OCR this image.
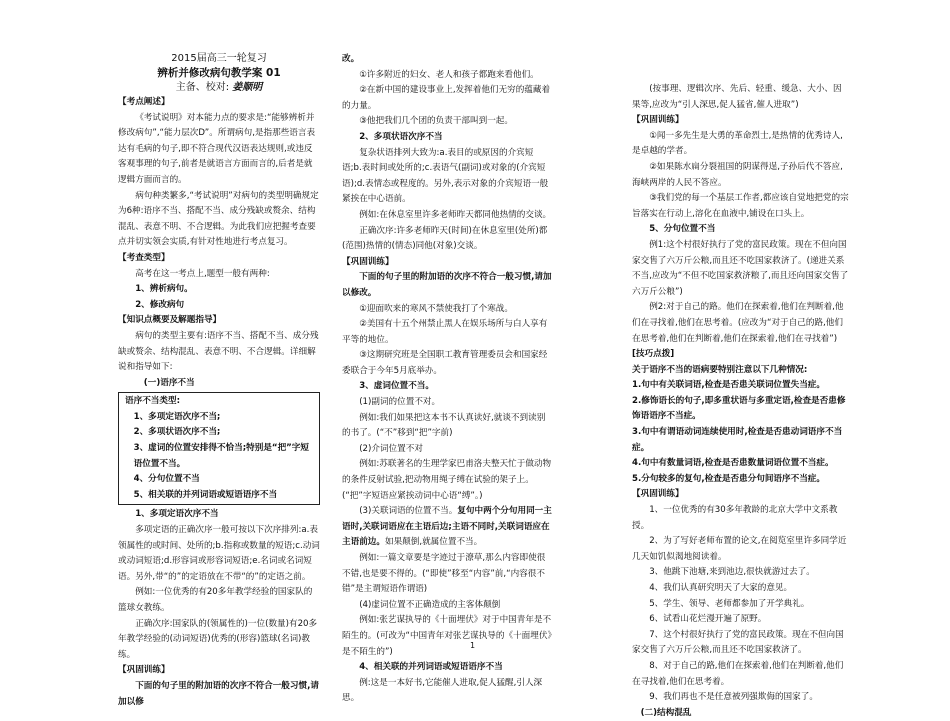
2015届高三一轮复习

辨析并修改病句教学案 01

主备、校对: 姜顺明

【考点阐述】

《考试说明》对本能力点的要求是:“能够辨析并修改病句”,“能力层次D”。所谓病句,是指那些语言表达有毛病的句子,即不符合现代汉语表达规则,或违反客观事理的句子,前者是就语言方面而言的,后者是就逻辑方面而言的。

病句种类繁多,“考试说明”对病句的类型明确规定为6种:语序不当、搭配不当、成分残缺或赘余、结构混乱、表意不明、不合逻辑。为此我们应把握考查要点并切实领会实质,有针对性地进行考点复习。

【考查类型】

高考在这一考点上,题型一般有两种:

1、辨析病句。

2、修改病句

【知识点概要及解题指导】

病句的类型主要有:语序不当、搭配不当、成分残缺或赘余、结构混乱、表意不明、不合逻辑。详细解说和指导如下:

(一)语序不当

语序不当类型:

1、多项定语次序不当;

2、多项状语次序不当;

3、虚词的位置安排得不恰当;特别是“把”字短语位置不当。

4、分句位置不当

5、相关联的并列词语或短语语序不当

1、多项定语次序不当

多项定语的正确次序一般可按以下次序排列:a.表领属性的或时间、处所的;b.指称或数量的短语;c.动词或动词短语;d.形容词或形容词短语;e.名词或名词短语。另外,带“的”的定语放在不带“的”的定语之前。

例如:一位优秀的有20多年教学经验的国家队的篮球女教练。

正确次序:国家队的(领属性的)一位(数量)有20多年教学经验的(动词短语)优秀的(形容)篮球(名词)教练。

【巩固训练】

下面的句子里的附加语的次序不符合一般习惯,请加以修

改。

①许多附近的妇女、老人和孩子都跑来看他们。

②在新中国的建设事业上,发挥着他们无穷的蕴藏着的力量。

③他把我们几个团的负责干部叫到一起。

2、多项状语次序不当

复杂状语排列大致为:a.表目的或原因的介宾短语;b.表时间或处所的;c.表语气(副词)或对象的(介宾短语);d.表情态或程度的。另外,表示对象的介宾短语一般紧挨在中心语前。

例如:在休息室里许多老师昨天都同他热情的交谈。

正确次序:许多老师昨天(时间)在休息室里(处所)都(范围)热情的(情态)同他(对象)交谈。

【巩固训练】

下面的句子里的附加语的次序不符合一般习惯,请加以修改。

①迎面吹来的寒风不禁使我打了个寒战。

②美国有十五个州禁止黑人在娱乐场所与白人享有平等的地位。

③这期研究班是全国职工教育管理委员会和国家经委联合于今年5月底举办。

3、虚词位置不当。

(1)副词的位置不对。

例如:我们如果把这本书不认真读好,就谈不到读别的书了。(“不”移到“把”字前)

(2)介词位置不对

例如:苏联著名的生理学家巴甫洛夫整天忙于做动物的条件反射试验,把动物用绳子缚在试验的架子上。(“把”字短语应紧挨动词中心语“缚”。)

(3)关联词语的位置不当。复句中两个分句用同一主语时,关联词语应在主语后边;主语不同时,关联词语应在主语前边。如果颠倒,就属位置不当。

例如:一篇文章要是字迹过于潦草,那么内容即使很不错,也是要不得的。(“即使”移至“内容”前,“内容很不错”是主谓短语作谓语)

(4)虚词位置不正确造成的主客体颠倒

例如:张艺谋执导的《十面埋伏》对于中国青年是不陌生的。(可改为“中国青年对张艺谋执导的《十面埋伏》是不陌生的”)

4、相关联的并列词语或短语语序不当

例:这是一本好书,它能催人进取,促人猛醒,引人深思。

(按事理、逻辑次序、先后、轻重、缓急、大小、因果等,应改为“引人深思,促人猛省,催人进取”)

【巩固训练】

①闻一多先生是大勇的革命烈士,是热情的优秀诗人,是卓越的学者。

②如果陈水扁分裂祖国的阴谋得逞,子孙后代不答应,海峡两岸的人民不答应。

③我们党的每一个基层工作者,都应该自觉地把党的宗旨落实在行动上,溶化在血液中,铺设在口头上。

5、分句位置不当

例1:这个村很好执行了党的富民政策。现在不但向国家交售了六万斤公粮,而且还不吃国家救济了。(递进关系不当,应改为“不但不吃国家救济粮了,而且还向国家交售了六万斤公粮”)

例2:对于自己的路。他们在探索着,他们在判断着,他们在寻找着,他们在思考着。(应改为“对于自己的路,他们在思考着,他们在判断着,他们在探索着,他们在寻找着”)

[技巧点拨]

关于语序不当的语病要特别注意以下几种情况:

1.句中有关联词语,检查是否患关联词位置失当症。

2.修饰语长的句子,即多重状语与多重定语,检查是否患修饰语语序不当症。

3.句中有谓语动词连续使用时,检查是否患动词语序不当症。

4.句中有数量词语,检查是否患数量词语位置不当症。

5.分句较多的复句,检查是否患分句间语序不当症。

【巩固训练】

1、一位优秀的有30多年教龄的北京大学中文系教授。

2、为了写好老师布置的论文,在阅览室里许多同学近几天如饥似渴地阅读着。

3、他跳下池塘,来到池边,很快就游过去了。

4、我们认真研究明天了大家的意见。

5、学生、领导、老师都参加了开学典礼。

6、试看山花烂漫开遍了原野。

7、这个村很好执行了党的富民政策。现在不但向国家交售了六万斤公粮,而且还不吃国家救济了。

8、对于自己的路,他们在探索着,他们在判断着,他们在寻找着,他们在思考着。

9、我们再也不是任意被列强欺侮的国家了。

(二)结构混乱

1
